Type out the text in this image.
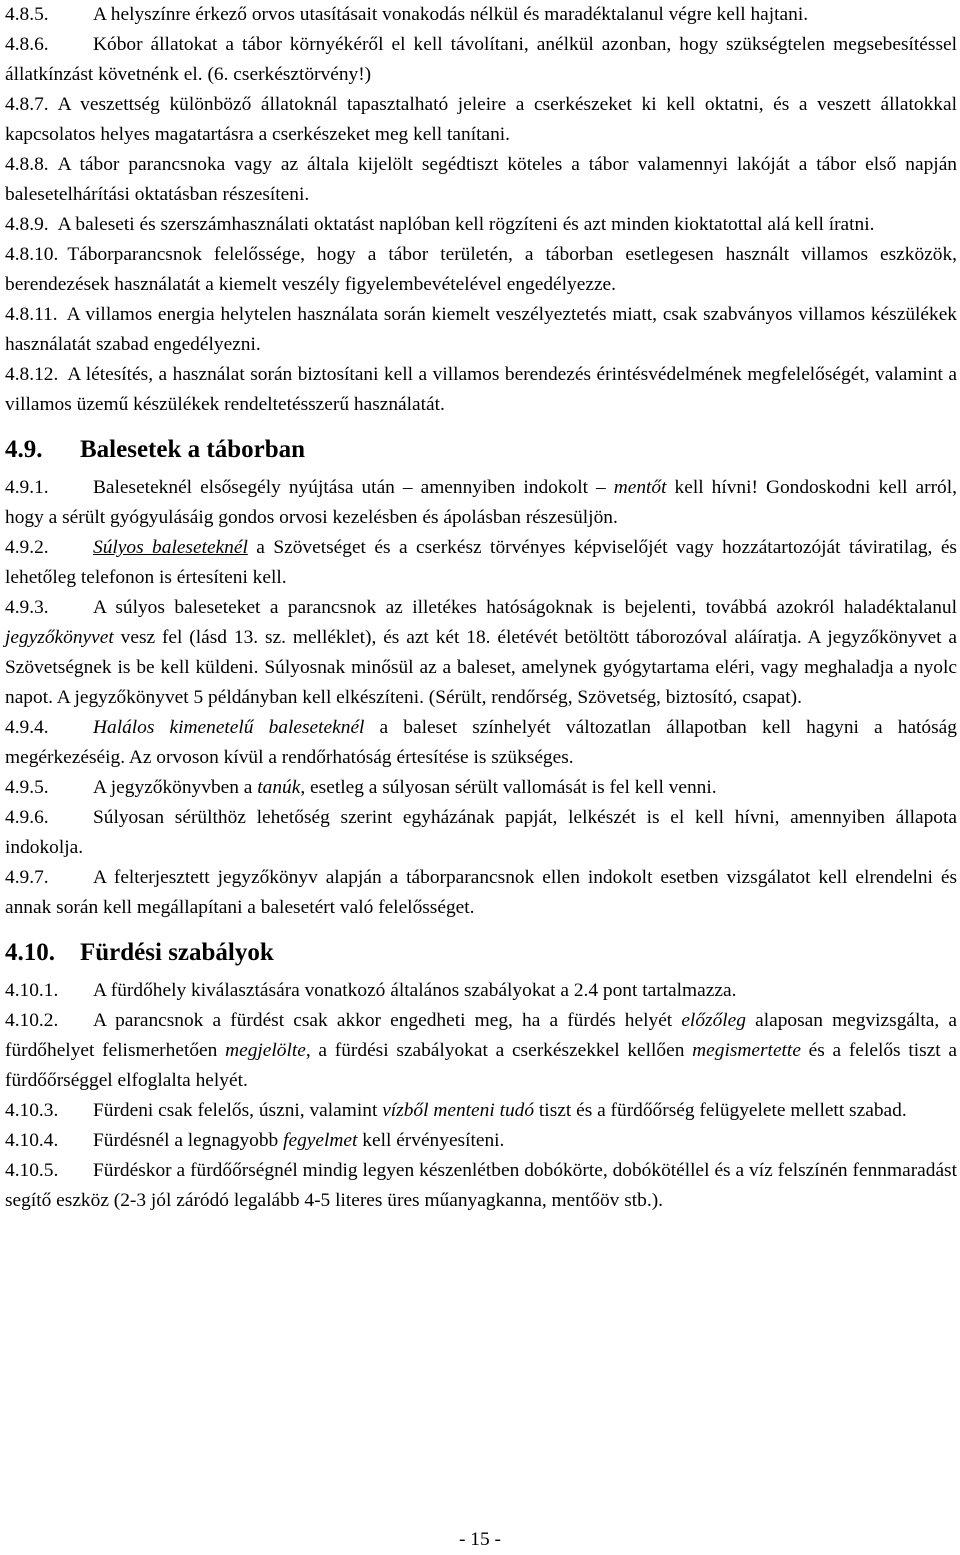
4.8.5. A helyszínre érkező orvos utasításait vonakodás nélkül és maradéktalanul végre kell hajtani.

4.8.6. Kóbor állatokat a tábor környékéről el kell távolítani, anélkül azonban, hogy szükségtelen megsebesítéssel állatkínzást követnénk el. (6. cserkésztörvény!)

4.8.7. A veszettség különböző állatoknál tapasztalható jeleire a cserkészeket ki kell oktatni, és a veszett állatokkal kapcsolatos helyes magatartásra a cserkészeket meg kell tanítani.

4.8.8. A tábor parancsnoka vagy az általa kijelölt segédtiszt köteles a tábor valamennyi lakóját a tábor első napján balesetelhárítási oktatásban részesíteni.

4.8.9. A baleseti és szerszámhasználati oktatást naplóban kell rögzíteni és azt minden kioktatottal alá kell íratni.

4.8.10. Táborparancsnok felelőssége, hogy a tábor területén, a táborban esetlegesen használt villamos eszközök, berendezések használatát a kiemelt veszély figyelembevételével engedélyezze.

4.8.11. A villamos energia helytelen használata során kiemelt veszélyeztetés miatt, csak szabványos villamos készülékek használatát szabad engedélyezni.

4.8.12. A létesítés, a használat során biztosítani kell a villamos berendezés érintésvédelmének megfelelőségét, valamint a villamos üzemű készülékek rendeltetésszerű használatát.

4.9. Balesetek a táborban

4.9.1. Baleseteknél elsősegély nyújtása után – amennyiben indokolt – mentőt kell hívni! Gondoskodni kell arról, hogy a sérült gyógyulásáig gondos orvosi kezelésben és ápolásban részesüljön.

4.9.2. Súlyos baleseteknél a Szövetséget és a cserkész törvényes képviselőjét vagy hozzátartozóját táviratilag, és lehetőleg telefonon is értesíteni kell.

4.9.3. A súlyos baleseteket a parancsnok az illetékes hatóságoknak is bejelenti, továbbá azokról haladéktalanul jegyzőkönyvet vesz fel (lásd 13. sz. melléklet), és azt két 18. életévét betöltött táborozóval aláíratja. A jegyzőkönyvet a Szövetségnek is be kell küldeni. Súlyosnak minősül az a baleset, amelynek gyógytartama eléri, vagy meghaladja a nyolc napot. A jegyzőkönyvet 5 példányban kell elkészíteni. (Sérült, rendőrség, Szövetség, biztosító, csapat).

4.9.4. Halálos kimenetelű baleseteknél a baleset színhelyét változatlan állapotban kell hagyni a hatóság megérkezéséig. Az orvoson kívül a rendőrhatóság értesítése is szükséges.

4.9.5. A jegyzőkönyvben a tanúk, esetleg a súlyosan sérült vallomását is fel kell venni.

4.9.6. Súlyosan sérülthöz lehetőség szerint egyházának papját, lelkészét is el kell hívni, amennyiben állapota indokolja.

4.9.7. A felterjesztett jegyzőkönyv alapján a táborparancsnok ellen indokolt esetben vizsgálatot kell elrendelni és annak során kell megállapítani a balesetért való felelősséget.

4.10. Fürdési szabályok

4.10.1. A fürdőhely kiválasztására vonatkozó általános szabályokat a 2.4 pont tartalmazza.

4.10.2. A parancsnok a fürdést csak akkor engedheti meg, ha a fürdés helyét előzőleg alaposan megvizsgálta, a fürdőhelyet felismerhetően megjelölte, a fürdési szabályokat a cserkészekkel kellően megismertette és a felelős tiszt a fürdőőrséggel elfoglalta helyét.

4.10.3. Fürdeni csak felelős, úszni, valamint vízből menteni tudó tiszt és a fürdőőrség felügyelete mellett szabad.

4.10.4. Fürdésnél a legnagyobb fegyelmet kell érvényesíteni.

4.10.5. Fürdéskor a fürdőőrségnél mindig legyen készenlétben dobókörte, dobókötéllel és a víz felszínén fennmaradást segítő eszköz (2-3 jól záródó legalább 4-5 literes üres műanyagkanna, mentőöv stb.).

- 15 -
